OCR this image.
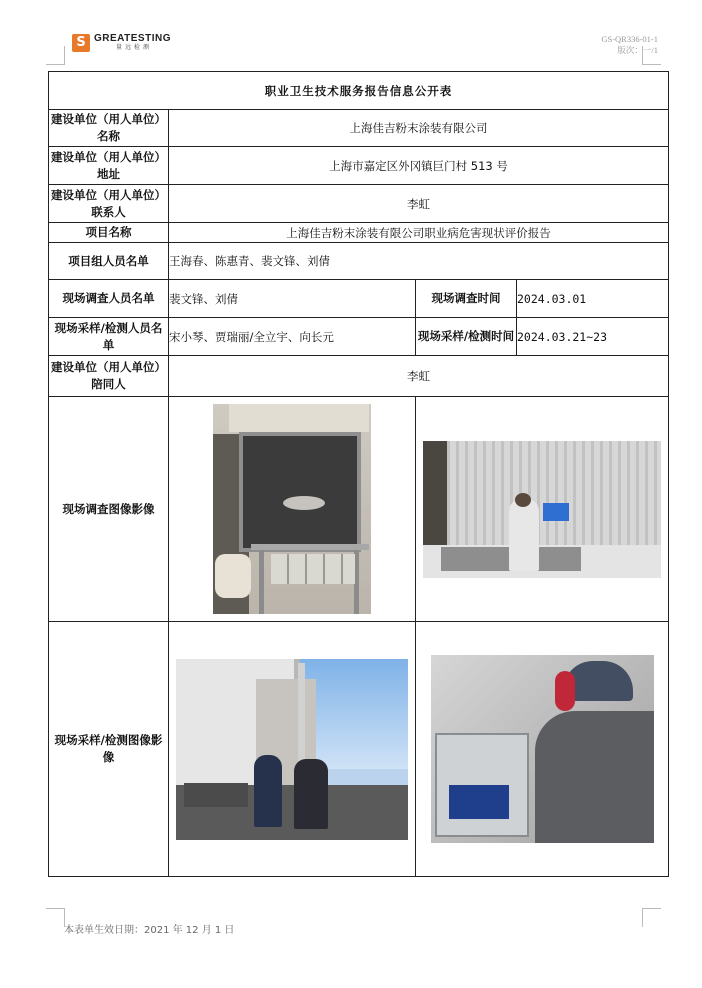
S GREATESTING
量远检测
GS-QR336-01-1
版次：一/1
职业卫生技术服务报告信息公开表			
建设单位（用人单位）名称	上海佳吉粉末涂装有限公司		
建设单位（用人单位）地址	上海市嘉定区外冈镇巨门村 513 号		
建设单位（用人单位）联系人	李虹		
项目名称	上海佳吉粉末涂装有限公司职业病危害现状评价报告		
项目组人员名单	王海春、陈惠青、裴文锋、刘倩		
现场调查人员名单	裴文锋、刘倩	现场调查时间	2024.03.01
现场采样/检测人员名单	宋小琴、贾瑞丽/全立宇、向长元	现场采样/检测时间	2024.03.21~23
建设单位（用人单位）陪同人	李虹		
现场调查图像影像		

现场采样/检测图像影像		

本表单生效日期：2021 年 12 月 1 日
